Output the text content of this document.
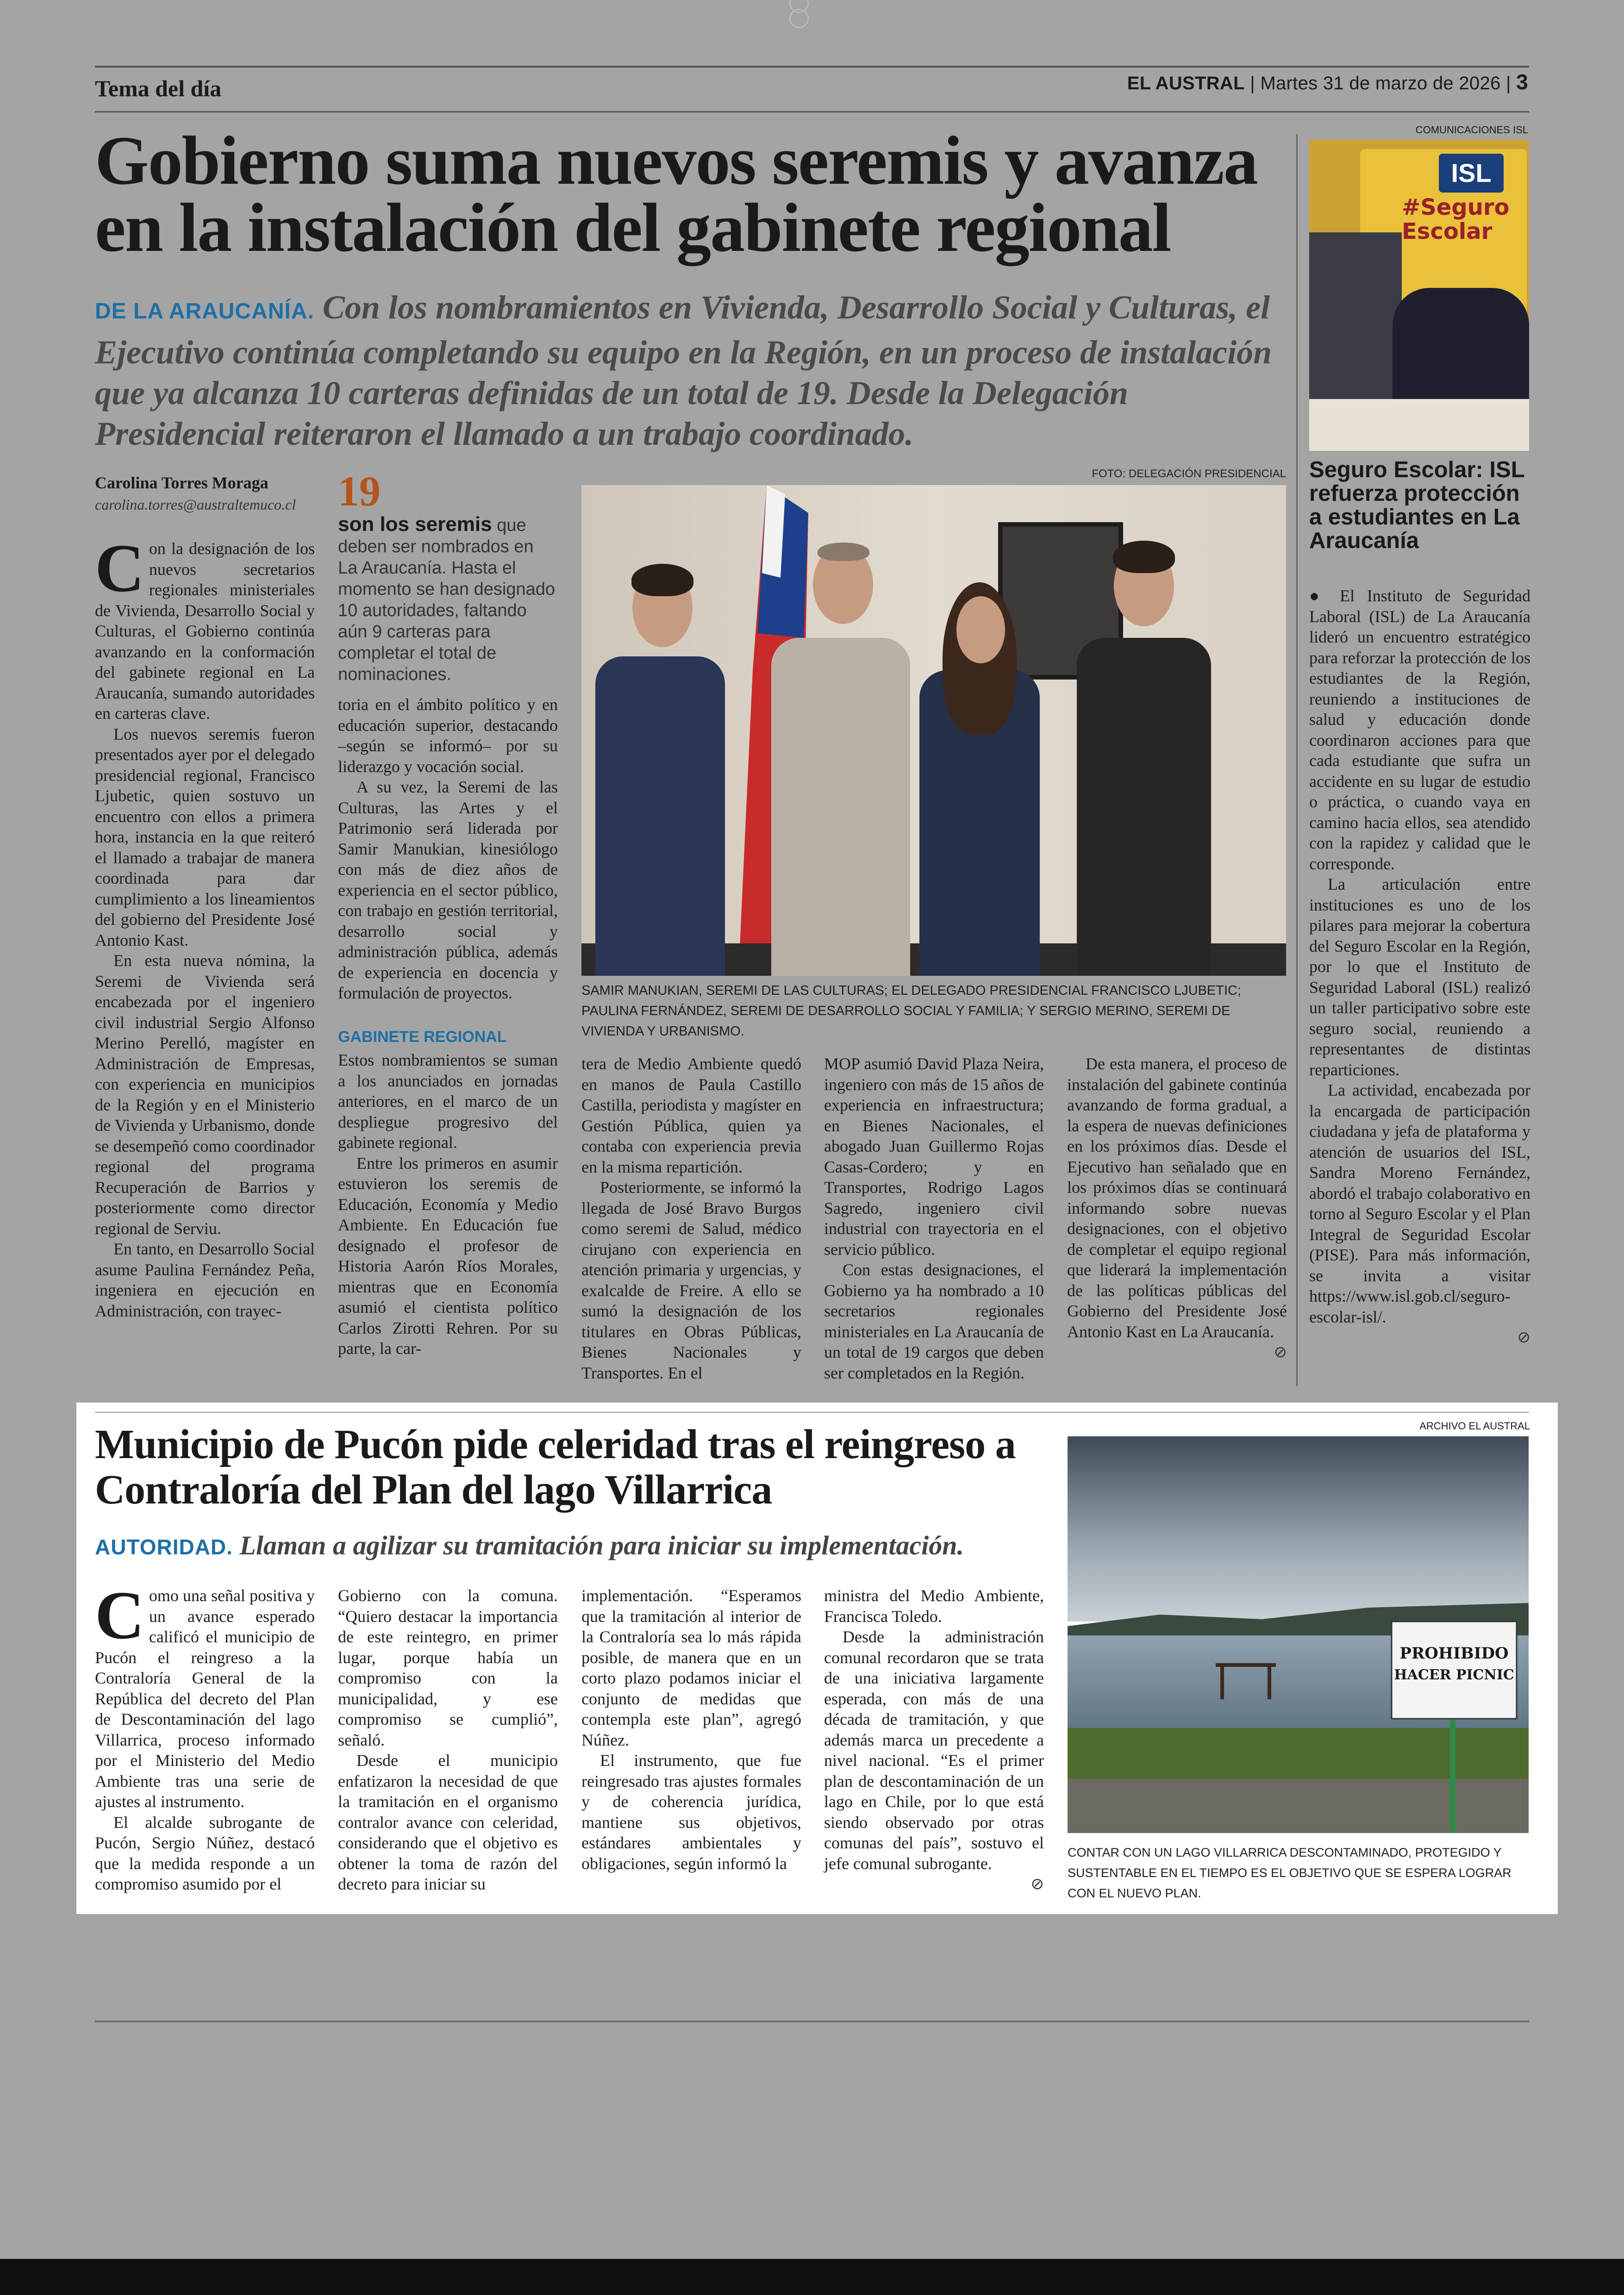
Tema del día	EL AUSTRAL | Martes 31 de marzo de 2026 | 3
Gobierno suma nuevos seremis y avanza en la instalación del gabinete regional
DE LA ARAUCANÍA. Con los nombramientos en Vivienda, Desarrollo Social y Culturas, el Ejecutivo continúa completando su equipo en la Región, en un proceso de instalación que ya alcanza 10 carteras definidas de un total de 19. Desde la Delegación Presidencial reiteraron el llamado a un trabajo coordinado.
Carolina Torres Moraga
carolina.torres@australtemuco.cl 19
son los seremis que deben ser nombrados en La Araucanía. Hasta el momento se han designado 10 autoridades, faltando aún 9 carteras para completar el total de nominaciones.
FOTO: DELEGACIÓN PRESIDENCIAL
SAMIR MANUKIAN, SEREMI DE LAS CULTURAS; EL DELEGADO PRESIDENCIAL FRANCISCO LJUBETIC; PAULINA FERNÁNDEZ, SEREMI DE DESARROLLO SOCIAL Y FAMILIA; Y SERGIO MERINO, SEREMI DE VIVIENDA Y URBANISMO.
C on la designación de los nuevos secretarios regionales ministeriales de Vivienda, Desarrollo Social y Culturas, el Gobierno continúa avanzando en la conformación del gabinete regional en La Araucanía, sumando autoridades en carteras clave.

Los nuevos seremis fueron presentados ayer por el delegado presidencial regional, Francisco Ljubetic, quien sostuvo un encuentro con ellos a primera hora, instancia en la que reiteró el llamado a trabajar de manera coordinada para dar cumplimiento a los lineamientos del gobierno del Presidente José Antonio Kast.

En esta nueva nómina, la Seremi de Vivienda será encabezada por el ingeniero civil industrial Sergio Alfonso Merino Perelló, magíster en Administración de Empresas, con experiencia en municipios de la Región y en el Ministerio de Vivienda y Urbanismo, donde se desempeñó como coordinador regional del programa Recuperación de Barrios y posteriormente como director regional de Serviu.

En tanto, en Desarrollo Social asume Paulina Fernández Peña, ingeniera en ejecución en Administración, con trayec-

toria en el ámbito político y en educación superior, destacando –según se informó– por su liderazgo y vocación social.

A su vez, la Seremi de las Culturas, las Artes y el Patrimonio será liderada por Samir Manukian, kinesiólogo con más de diez años de experiencia en el sector público, con trabajo en gestión territorial, desarrollo social y administración pública, además de experiencia en docencia y formulación de proyectos.

GABINETE REGIONAL

Estos nombramientos se suman a los anunciados en jornadas anteriores, en el marco de un despliegue progresivo del gabinete regional.

Entre los primeros en asumir estuvieron los seremis de Educación, Economía y Medio Ambiente. En Educación fue designado el profesor de Historia Aarón Ríos Morales, mientras que en Economía asumió el cientista político Carlos Zirotti Rehren. Por su parte, la car-

tera de Medio Ambiente quedó en manos de Paula Castillo Castilla, periodista y magíster en Gestión Pública, quien ya contaba con experiencia previa en la misma repartición.

Posteriormente, se informó la llegada de José Bravo Burgos como seremi de Salud, médico cirujano con experiencia en atención primaria y urgencias, y exalcalde de Freire. A ello se sumó la designación de los titulares en Obras Públicas, Bienes Nacionales y Transportes. En el

MOP asumió David Plaza Neira, ingeniero con más de 15 años de experiencia en infraestructura; en Bienes Nacionales, el abogado Juan Guillermo Rojas Casas-Cordero; y en Transportes, Rodrigo Lagos Sagredo, ingeniero civil industrial con trayectoria en el servicio público.

Con estas designaciones, el Gobierno ya ha nombrado a 10 secretarios regionales ministeriales en La Araucanía de un total de 19 cargos que deben ser completados en la Región.

De esta manera, el proceso de instalación del gabinete continúa avanzando de forma gradual, a la espera de nuevas definiciones en los próximos días. Desde el Ejecutivo han señalado que en los próximos días se continuará informando sobre nuevas designaciones, con el objetivo de completar el equipo regional que liderará la implementación de las políticas públicas del Gobierno del Presidente José Antonio Kast en La Araucanía.

⊘
COMUNICACIONES ISL
ISL
#Seguro Escolar
Seguro Escolar: ISL refuerza protección a estudiantes en La Araucanía

● El Instituto de Seguridad Laboral (ISL) de La Araucanía lideró un encuentro estratégico para reforzar la protección de los estudiantes de la Región, reuniendo a instituciones de salud y educación donde coordinaron acciones para que cada estudiante que sufra un accidente en su lugar de estudio o práctica, o cuando vaya en camino hacia ellos, sea atendido con la rapidez y calidad que le corresponde.

La articulación entre instituciones es uno de los pilares para mejorar la cobertura del Seguro Escolar en la Región, por lo que el Instituto de Seguridad Laboral (ISL) realizó un taller participativo sobre este seguro social, reuniendo a representantes de distintas reparticiones.

La actividad, encabezada por la encargada de participación ciudadana y jefa de plataforma y atención de usuarios del ISL, Sandra Moreno Fernández, abordó el trabajo colaborativo en torno al Seguro Escolar y el Plan Integral de Seguridad Escolar (PISE). Para más información, se invita a visitar https://www.isl.gob.cl/seguro-escolar-isl/.

⊘
ARCHIVO EL AUSTRAL
Municipio de Pucón pide celeridad tras el reingreso a Contraloría del Plan del lago Villarrica
AUTORIDAD. Llaman a agilizar su tramitación para iniciar su implementación.
C omo una señal positiva y un avance esperado calificó el municipio de Pucón el reingreso a la Contraloría General de la República del decreto del Plan de Descontaminación del lago Villarrica, proceso informado por el Ministerio del Medio Ambiente tras una serie de ajustes al instrumento.

El alcalde subrogante de Pucón, Sergio Núñez, destacó que la medida responde a un compromiso asumido por el

Gobierno con la comuna. “Quiero destacar la importancia de este reintegro, en primer lugar, porque había un compromiso con la municipalidad, y ese compromiso se cumplió”, señaló.

Desde el municipio enfatizaron la necesidad de que la tramitación en el organismo contralor avance con celeridad, considerando que el objetivo es obtener la toma de razón del decreto para iniciar su

implementación. “Esperamos que la tramitación al interior de la Contraloría sea lo más rápida posible, de manera que en un corto plazo podamos iniciar el conjunto de medidas que contempla este plan”, agregó Núñez.

El instrumento, que fue reingresado tras ajustes formales y de coherencia jurídica, mantiene sus objetivos, estándares ambientales y obligaciones, según informó la

ministra del Medio Ambiente, Francisca Toledo.

Desde la administración comunal recordaron que se trata de una iniciativa largamente esperada, con más de una década de tramitación, y que además marca un precedente a nivel nacional. “Es el primer plan de descontaminación de un lago en Chile, por lo que está siendo observado por otras comunas del país”, sostuvo el jefe comunal subrogante.

⊘
PROHIBIDO
HACER PICNIC
CONTAR CON UN LAGO VILLARRICA DESCONTAMINADO, PROTEGIDO Y SUSTENTABLE EN EL TIEMPO ES EL OBJETIVO QUE SE ESPERA LOGRAR CON EL NUEVO PLAN.
